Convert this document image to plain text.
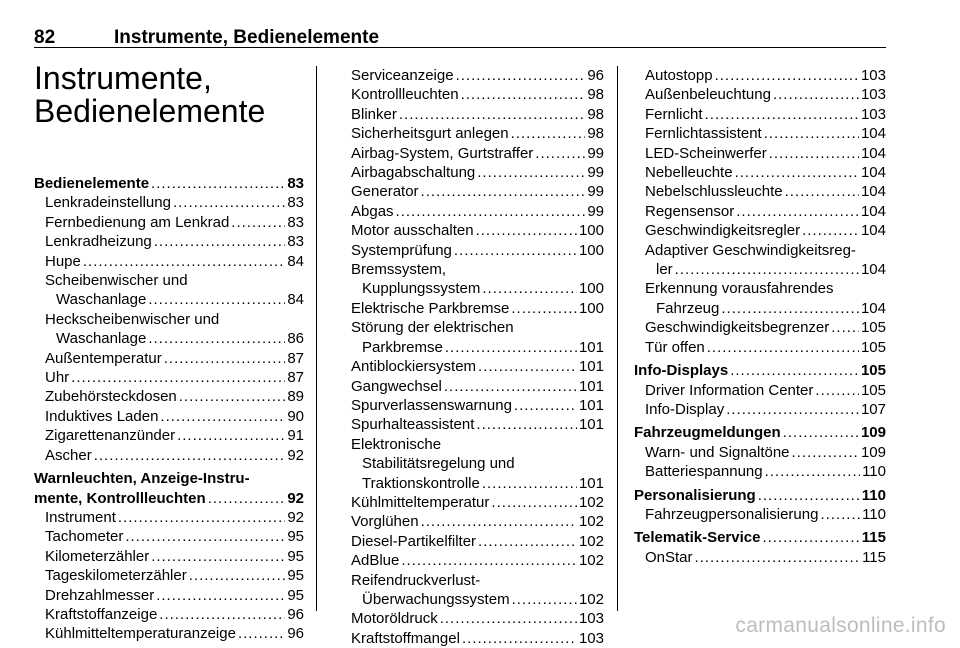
82	Instrumente, Bedienelemente
Instrumente,
Bedienelemente
Bedienelemente .....	83
Lenkradeinstellung .....	83
Fernbedienung am Lenkrad .....	83
Lenkradheizung .....	83
Hupe .....	84
Scheibenwischer und
Waschanlage .....	84
Heckscheibenwischer und
Waschanlage .....	86
Außentemperatur .....	87
Uhr .....	87
Zubehörsteckdosen .....	89
Induktives Laden .....	90
Zigarettenanzünder .....	91
Ascher .....	92
Warnleuchten, Anzeige-Instru-
mente, Kontrollleuchten .....	92
Instrument .....	92
Tachometer .....	95
Kilometerzähler .....	95
Tageskilometerzähler .....	95
Drehzahlmesser .....	95
Kraftstoffanzeige .....	96
Kühlmitteltemperaturanzeige .....	96
Serviceanzeige .....	96
Kontrollleuchten .....	98
Blinker .....	98
Sicherheitsgurt anlegen .....	98
Airbag-System, Gurtstraffer .....	99
Airbagabschaltung .....	99
Generator .....	99
Abgas .....	99
Motor ausschalten .....	100
Systemprüfung .....	100
Bremssystem,
Kupplungssystem .....	100
Elektrische Parkbremse .....	100
Störung der elektrischen
Parkbremse .....	101
Antiblockiersystem .....	101
Gangwechsel .....	101
Spurverlassenswarnung .....	101
Spurhalteassistent .....	101
Elektronische
Stabilitätsregelung und
Traktionskontrolle .....	101
Kühlmitteltemperatur .....	102
Vorglühen .....	102
Diesel-Partikelfilter .....	102
AdBlue .....	102
Reifendruckverlust-
Überwachungssystem .....	102
Motoröldruck .....	103
Kraftstoffmangel .....	103
Autostopp .....	103
Außenbeleuchtung .....	103
Fernlicht .....	103
Fernlichtassistent .....	104
LED-Scheinwerfer .....	104
Nebelleuchte .....	104
Nebelschlussleuchte .....	104
Regensensor .....	104
Geschwindigkeitsregler .....	104
Adaptiver Geschwindigkeitsreg-
ler .....	104
Erkennung vorausfahrendes
Fahrzeug .....	104
Geschwindigkeitsbegrenzer ..... 105
Tür offen .....	105
Info-Displays .....	105
Driver Information Center .....	105
Info-Display .....	107
Fahrzeugmeldungen .....	109
Warn- und Signaltöne .....	109
Batteriespannung .....	110
Personalisierung .....	110
Fahrzeugpersonalisierung .....	110
Telematik-Service .....	115
OnStar .....	115
carmanualsonline.info
